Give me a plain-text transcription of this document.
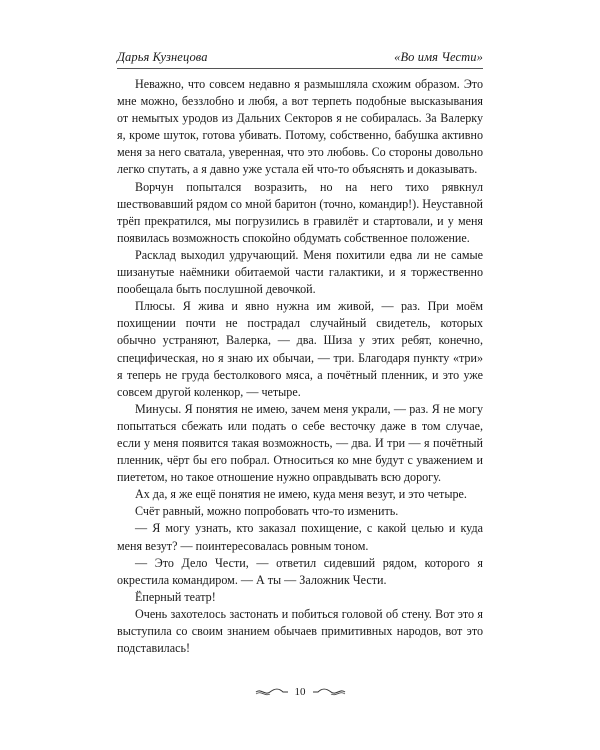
Дарья Кузнецова	«Во имя Чести»

Неважно, что совсем недавно я размышляла схожим образом. Это мне можно, беззлобно и любя, а вот терпеть подобные высказывания от немытых уродов из Дальних Секторов я не собиралась. За Валерку я, кроме шуток, готова убивать. Потому, собственно, бабушка активно меня за него сватала, уверенная, что это любовь. Со стороны довольно легко спутать, а я давно уже устала ей что-то объяснять и доказывать.

Ворчун попытался возразить, но на него тихо рявкнул шествовавший рядом со мной баритон (точно, командир!). Неуставной трёп прекратился, мы погрузились в гравилёт и стартовали, и у меня появилась возможность спокойно обдумать собственное положение.

Расклад выходил удручающий. Меня похитили едва ли не самые шизанутые наёмники обитаемой части галактики, и я торжественно пообещала быть послушной девочкой.

Плюсы. Я жива и явно нужна им живой, — раз. При моём похищении почти не пострадал случайный свидетель, которых обычно устраняют, Валерка, — два. Шиза у этих ребят, конечно, специфическая, но я знаю их обычаи, — три. Благодаря пункту «три» я теперь не груда бестолкового мяса, а почётный пленник, и это уже совсем другой коленкор, — четыре.

Минусы. Я понятия не имею, зачем меня украли, — раз. Я не могу попытаться сбежать или подать о себе весточку даже в том случае, если у меня появится такая возможность, — два. И три — я почётный пленник, чёрт бы его побрал. Относиться ко мне будут с уважением и пиететом, но такое отношение нужно оправдывать всю дорогу.

Ах да, я же ещё понятия не имею, куда меня везут, и это четыре.

Счёт равный, можно попробовать что-то изменить.

— Я могу узнать, кто заказал похищение, с какой целью и куда меня везут? — поинтересовалась ровным тоном.

— Это Дело Чести, — ответил сидевший рядом, которого я окрестила командиром. — А ты — Заложник Чести.

Ёперный театр!

Очень захотелось застонать и побиться головой об стену. Вот это я выступила со своим знанием обычаев примитивных народов, вот это подставилась!

10
